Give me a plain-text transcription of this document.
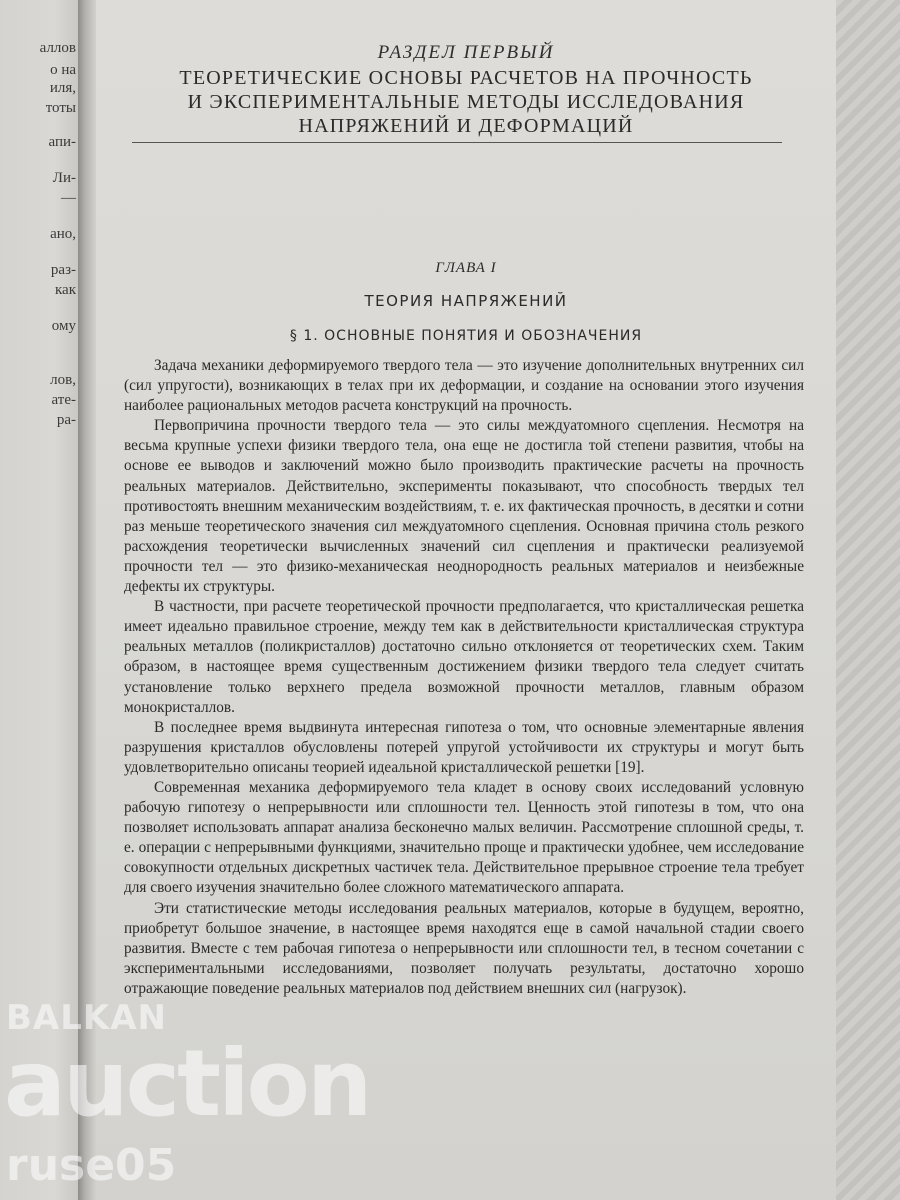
аллов
о на
иля,
тоты
апи-
Ли-
—
ано,
раз-
как
ому
лов,
ате-
ра-
РАЗДЕЛ ПЕРВЫЙ
ТЕОРЕТИЧЕСКИЕ ОСНОВЫ РАСЧЕТОВ НА ПРОЧНОСТЬ
И ЭКСПЕРИМЕНТАЛЬНЫЕ МЕТОДЫ ИССЛЕДОВАНИЯ
НАПРЯЖЕНИЙ И ДЕФОРМАЦИЙ
ГЛАВА I
ТЕОРИЯ НАПРЯЖЕНИЙ
§ 1. ОСНОВНЫЕ ПОНЯТИЯ И ОБОЗНАЧЕНИЯ

Задача механики деформируемого твердого тела — это изучение дополнительных внутренних сил (сил упругости), возникающих в телах при их деформации, и создание на основании этого изучения наиболее рациональных методов расчета конструкций на прочность.

Первопричина прочности твердого тела — это силы междуатомного сцепления. Несмотря на весьма крупные успехи физики твердого тела, она еще не достигла той степени развития, чтобы на основе ее выводов и заключений можно было производить практические расчеты на прочность реальных материалов. Действительно, эксперименты показывают, что способность твердых тел противостоять внешним механическим воздействиям, т. е. их фактическая прочность, в десятки и сотни раз меньше теоретического значения сил междуатомного сцепления. Основная причина столь резкого расхождения теоретически вычисленных значений сил сцепления и практически реализуемой прочности тел — это физико-механическая неоднородность реальных материалов и неизбежные дефекты их структуры.

В частности, при расчете теоретической прочности предполагается, что кристаллическая решетка имеет идеально правильное строение, между тем как в действительности кристаллическая структура реальных металлов (поликристаллов) достаточно сильно отклоняется от теоретических схем. Таким образом, в настоящее время существенным достижением физики твердого тела следует считать установление только верхнего предела возможной прочности металлов, главным образом монокристаллов.

В последнее время выдвинута интересная гипотеза о том, что основные элементарные явления разрушения кристаллов обусловлены потерей упругой устойчивости их структуры и могут быть удовлетворительно описаны теорией идеальной кристаллической решетки [19].

Современная механика деформируемого тела кладет в основу своих исследований условную рабочую гипотезу о непрерывности или сплошности тел. Ценность этой гипотезы в том, что она позволяет использовать аппарат анализа бесконечно малых величин. Рассмотрение сплошной среды, т. е. операции с непрерывными функциями, значительно проще и практически удобнее, чем исследование совокупности отдельных дискретных частичек тела. Действительное прерывное строение тела требует для своего изучения значительно более сложного математического аппарата.

Эти статистические методы исследования реальных материалов, которые в будущем, вероятно, приобретут большое значение, в настоящее время находятся еще в самой начальной стадии своего развития. Вместе с тем рабочая гипотеза о непрерывности или сплошности тел, в тесном сочетании с экспериментальными исследованиями, позволяет получать результаты, достаточно хорошо отражающие поведение реальных материалов под действием внешних сил (нагрузок).

BALKAN
auction
ruse05
